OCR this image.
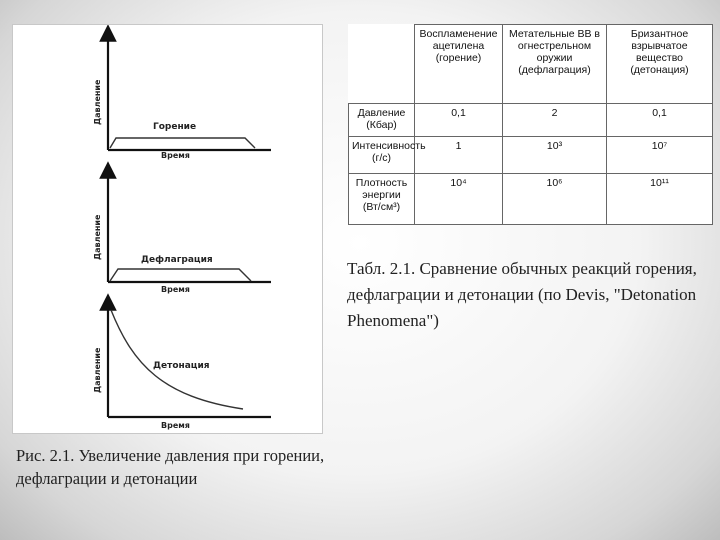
Давление
Горение
Время
Давление	Дефлаграция
Время
Давление	Детонация
Время
Рис. 2.1. Увеличение давления при горении, дефлаграции и детонации
	Воспламенение ацетилена (горение)	Метательные ВВ в огнестрельном оружии (дефлаграция)	Бризантное взрывчатое вещество (детонация)
Давление (Кбар)	0,1	2	0,1
Интенсивность (г/с)	1	10³	10⁷
Плотность энергии (Вт/см³)	10⁴	10⁶	10¹¹
Табл. 2.1. Сравнение обычных реакций горения, дефлаграции и детонации (по Devis, "Detonation Phenomena")
